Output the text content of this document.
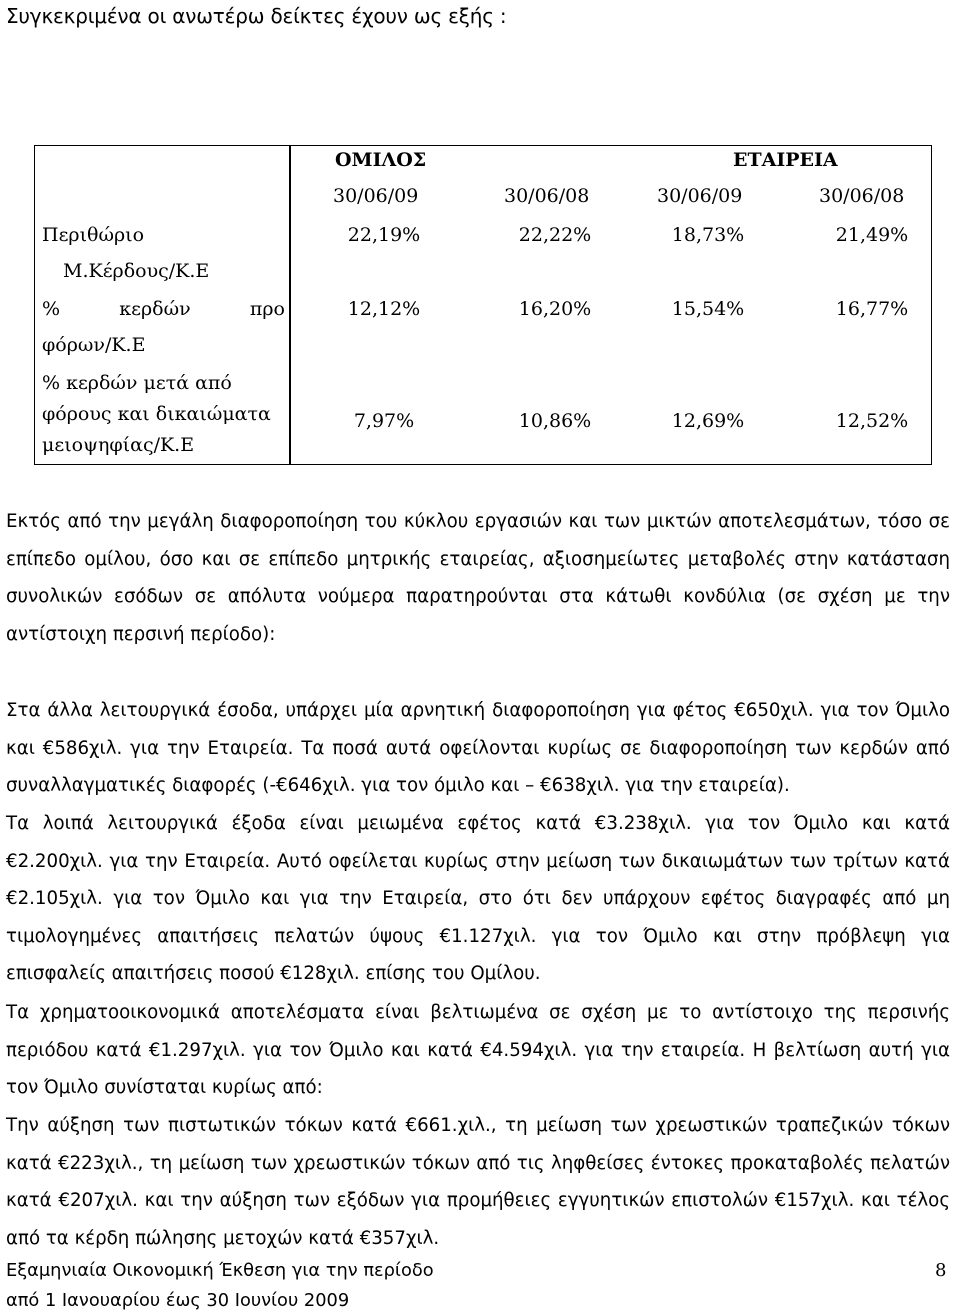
Συγκεκριμένα οι ανωτέρω δείκτες έχουν ως εξής :
ΟΜΙΛΟΣ	ΕΤΑΙΡΕΙΑ
30/06/09	30/06/08	30/06/09	30/06/08
Περιθώριο
Μ.Κέρδους/Κ.Ε
22,19%	22,22%	18,73%	21,49%
% κερδών προ
φόρων/Κ.Ε
12,12%	16,20%	15,54%	16,77%
% κερδών μετά από
φόρους και δικαιώματα
μειοψηφίας/Κ.Ε
7,97%	10,86%	12,69%	12,52%
Εκτός από την μεγάλη διαφοροποίηση του κύκλου εργασιών και των μικτών αποτελεσμάτων, τόσο σε επίπεδο ομίλου, όσο και σε επίπεδο μητρικής εταιρείας, αξιοσημείωτες μεταβολές στην κατάσταση συνολικών εσόδων σε απόλυτα νούμερα παρατηρούνται στα κάτωθι κονδύλια (σε σχέση με την αντίστοιχη περσινή περίοδο):
Στα άλλα λειτουργικά έσοδα, υπάρχει μία αρνητική διαφοροποίηση για φέτος €650χιλ. για τον Όμιλο και €586χιλ. για την Εταιρεία. Τα ποσά αυτά οφείλονται κυρίως σε διαφοροποίηση των κερδών από συναλλαγματικές διαφορές (-€646χιλ. για τον όμιλο και – €638χιλ. για την εταιρεία).
Τα λοιπά λειτουργικά έξοδα είναι μειωμένα εφέτος κατά €3.238χιλ. για τον Όμιλο και κατά €2.200χιλ. για την Εταιρεία. Αυτό οφείλεται κυρίως στην μείωση των δικαιωμάτων των τρίτων κατά €2.105χιλ. για τον Όμιλο και για την Εταιρεία, στο ότι δεν υπάρχουν εφέτος διαγραφές από μη τιμολογημένες απαιτήσεις πελατών ύψους €1.127χιλ. για τον Όμιλο και στην πρόβλεψη για επισφαλείς απαιτήσεις ποσού €128χιλ. επίσης του Ομίλου.
Τα χρηματοοικονομικά αποτελέσματα είναι βελτιωμένα σε σχέση με το αντίστοιχο της περσινής περιόδου κατά €1.297χιλ. για τον Όμιλο και κατά €4.594χιλ. για την εταιρεία. Η βελτίωση αυτή για τον Όμιλο συνίσταται κυρίως από:
Την αύξηση των πιστωτικών τόκων κατά €661.χιλ., τη μείωση των χρεωστικών τραπεζικών τόκων κατά €223χιλ., τη μείωση των χρεωστικών τόκων από τις ληφθείσες έντοκες προκαταβολές πελατών κατά €207χιλ. και την αύξηση των εξόδων για προμήθειες εγγυητικών επιστολών €157χιλ. και τέλος από τα κέρδη πώλησης μετοχών κατά €357χιλ.
Εξαμηνιαία Οικονομική Έκθεση για την περίοδο
από 1 Ιανουαρίου έως 30 Ιουνίου 2009
8
